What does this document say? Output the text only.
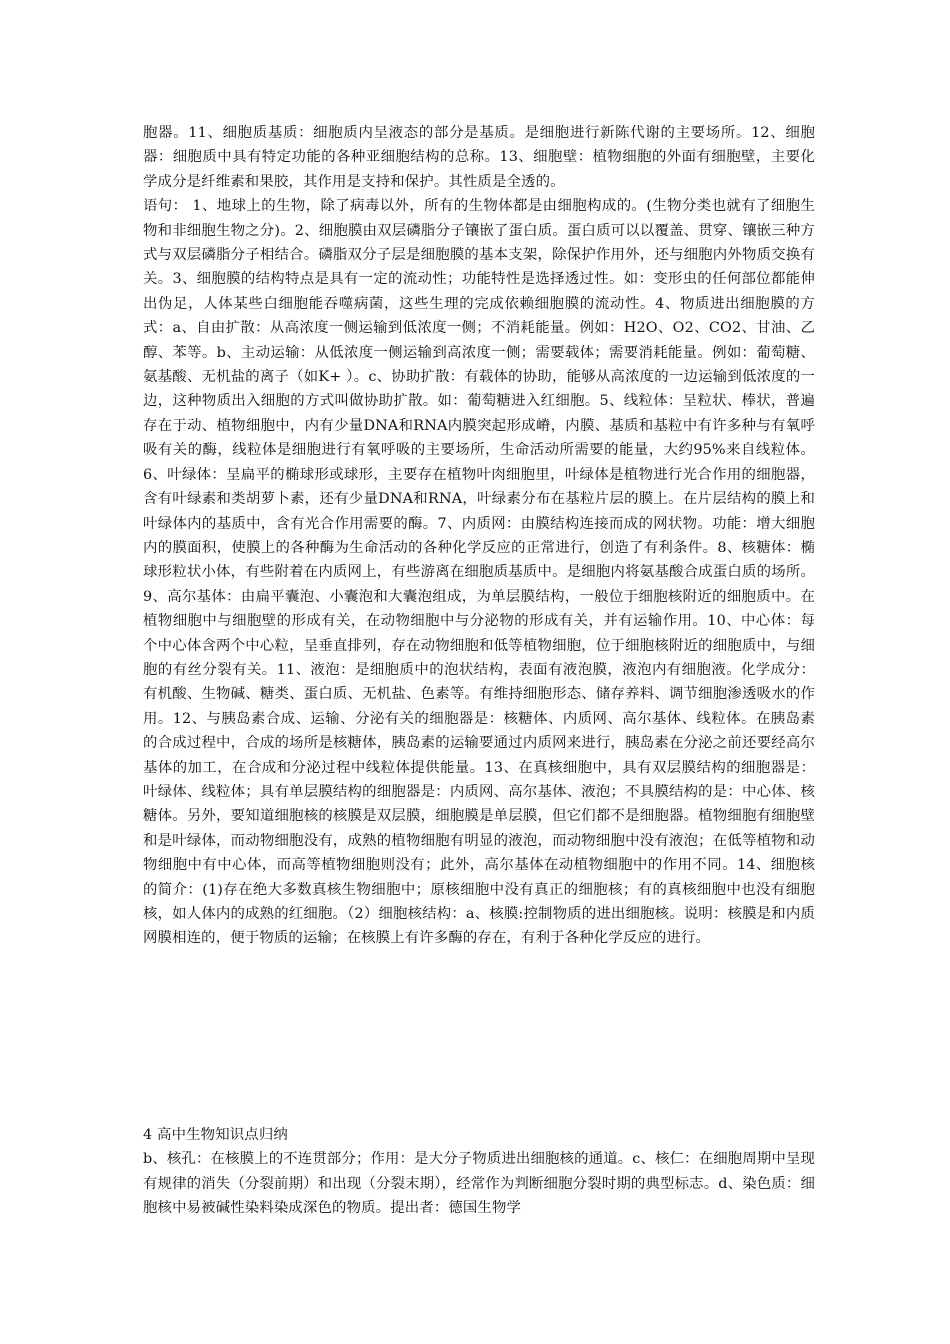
胞器。11、细胞质基质：细胞质内呈液态的部分是基质。是细胞进行新陈代谢的主要场所。12、细胞器：细胞质中具有特定功能的各种亚细胞结构的总称。13、细胞壁：植物细胞的外面有细胞壁，主要化学成分是纤维素和果胶，其作用是支持和保护。其性质是全透的。

语句： 1、地球上的生物，除了病毒以外，所有的生物体都是由细胞构成的。(生物分类也就有了细胞生物和非细胞生物之分)。2、细胞膜由双层磷脂分子镶嵌了蛋白质。蛋白质可以以覆盖、贯穿、镶嵌三种方式与双层磷脂分子相结合。磷脂双分子层是细胞膜的基本支架，除保护作用外，还与细胞内外物质交换有关。3、细胞膜的结构特点是具有一定的流动性；功能特性是选择透过性。如：变形虫的任何部位都能伸出伪足，人体某些白细胞能吞噬病菌，这些生理的完成依赖细胞膜的流动性。4、物质进出细胞膜的方式：a、自由扩散：从高浓度一侧运输到低浓度一侧；不消耗能量。例如：H2O、O2、CO2、甘油、乙醇、苯等。b、主动运输：从低浓度一侧运输到高浓度一侧；需要载体；需要消耗能量。例如：葡萄糖、氨基酸、无机盐的离子（如K+ ）。c、协助扩散：有载体的协助，能够从高浓度的一边运输到低浓度的一边，这种物质出入细胞的方式叫做协助扩散。如：葡萄糖进入红细胞。5、线粒体：呈粒状、棒状，普遍存在于动、植物细胞中，内有少量DNA和RNA内膜突起形成嵴，内膜、基质和基粒中有许多种与有氧呼吸有关的酶，线粒体是细胞进行有氧呼吸的主要场所，生命活动所需要的能量，大约95%来自线粒体。6、叶绿体：呈扁平的椭球形或球形，主要存在植物叶肉细胞里，叶绿体是植物进行光合作用的细胞器，含有叶绿素和类胡萝卜素，还有少量DNA和RNA，叶绿素分布在基粒片层的膜上。在片层结构的膜上和叶绿体内的基质中，含有光合作用需要的酶。7、内质网：由膜结构连接而成的网状物。功能：增大细胞内的膜面积，使膜上的各种酶为生命活动的各种化学反应的正常进行，创造了有利条件。8、核糖体：椭球形粒状小体，有些附着在内质网上，有些游离在细胞质基质中。是细胞内将氨基酸合成蛋白质的场所。9、高尔基体：由扁平囊泡、小囊泡和大囊泡组成，为单层膜结构，一般位于细胞核附近的细胞质中。在植物细胞中与细胞壁的形成有关，在动物细胞中与分泌物的形成有关，并有运输作用。10、中心体：每个中心体含两个中心粒，呈垂直排列，存在动物细胞和低等植物细胞，位于细胞核附近的细胞质中，与细胞的有丝分裂有关。11、液泡：是细胞质中的泡状结构，表面有液泡膜，液泡内有细胞液。化学成分：有机酸、生物碱、糖类、蛋白质、无机盐、色素等。有维持细胞形态、储存养料、调节细胞渗透吸水的作用。12、与胰岛素合成、运输、分泌有关的细胞器是：核糖体、内质网、高尔基体、线粒体。在胰岛素的合成过程中，合成的场所是核糖体，胰岛素的运输要通过内质网来进行，胰岛素在分泌之前还要经高尔基体的加工，在合成和分泌过程中线粒体提供能量。13、在真核细胞中，具有双层膜结构的细胞器是：叶绿体、线粒体；具有单层膜结构的细胞器是：内质网、高尔基体、液泡；不具膜结构的是：中心体、核糖体。另外，要知道细胞核的核膜是双层膜，细胞膜是单层膜，但它们都不是细胞器。植物细胞有细胞壁和是叶绿体，而动物细胞没有，成熟的植物细胞有明显的液泡，而动物细胞中没有液泡；在低等植物和动物细胞中有中心体，而高等植物细胞则没有；此外，高尔基体在动植物细胞中的作用不同。14、细胞核的简介：(1)存在绝大多数真核生物细胞中；原核细胞中没有真正的细胞核；有的真核细胞中也没有细胞核，如人体内的成熟的红细胞。（2）细胞核结构：a、核膜:控制物质的进出细胞核。说明：核膜是和内质网膜相连的，便于物质的运输；在核膜上有许多酶的存在，有利于各种化学反应的进行。

4 高中生物知识点归纳

b、核孔：在核膜上的不连贯部分；作用：是大分子物质进出细胞核的通道。c、核仁：在细胞周期中呈现有规律的消失（分裂前期）和出现（分裂末期），经常作为判断细胞分裂时期的典型标志。d、染色质：细胞核中易被碱性染料染成深色的物质。提出者：德国生物学
